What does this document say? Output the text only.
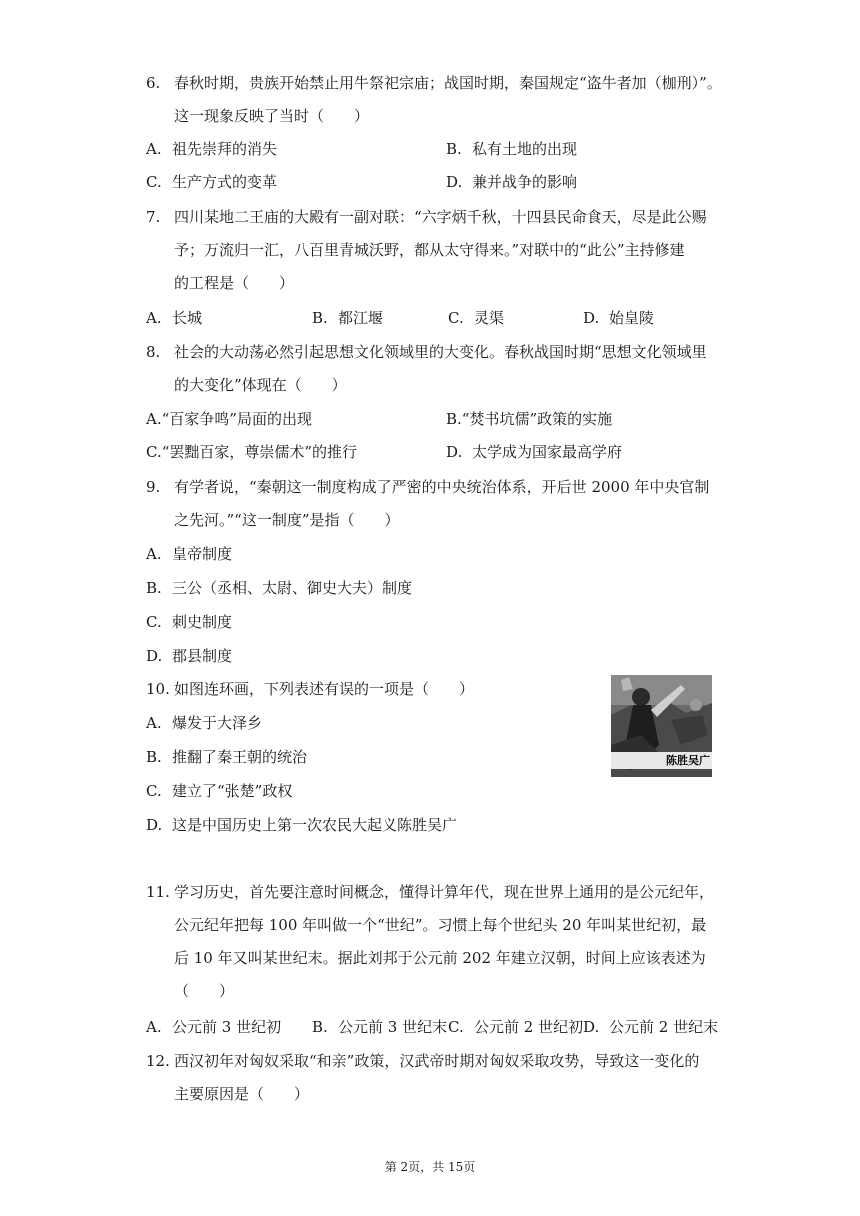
6. 春秋时期，贵族开始禁止用牛祭祀宗庙；战国时期，秦国规定“盗牛者加（枷刑）”。
这一现象反映了当时（　　）
A. 祖先崇拜的消失	B. 私有土地的出现
C. 生产方式的变革	D. 兼并战争的影响
7. 四川某地二王庙的大殿有一副对联：“六字炳千秋，十四县民命食天，尽是此公赐
予；万流归一汇，八百里青城沃野，都从太守得来。”对联中的“此公”主持修建
的工程是（　　）
A. 长城	B. 都江堰	C. 灵渠	D. 始皇陵
8. 社会的大动荡必然引起思想文化领域里的大变化。春秋战国时期“思想文化领域里
的大变化”体现在（　　）
A.“百家争鸣”局面的出现	B.“焚书坑儒”政策的实施
C.“罢黜百家，尊崇儒术”的推行	D. 太学成为国家最高学府
9. 有学者说，“秦朝这一制度构成了严密的中央统治体系，开后世 2000 年中央官制
之先河。”“这一制度”是指（　　）
A. 皇帝制度
B. 三公（丞相、太尉、御史大夫）制度
C. 刺史制度
D. 郡县制度
10. 如图连环画，下列表述有误的一项是（　　）
陈胜吴广
A. 爆发于大泽乡
B. 推翻了秦王朝的统治
C. 建立了“张楚”政权
D. 这是中国历史上第一次农民大起义陈胜吴广
11. 学习历史，首先要注意时间概念，懂得计算年代，现在世界上通用的是公元纪年，
公元纪年把每 100 年叫做一个“世纪”。习惯上每个世纪头 20 年叫某世纪初，最
后 10 年又叫某世纪末。据此刘邦于公元前 202 年建立汉朝，时间上应该表述为
（　　）
A. 公元前 3 世纪初 B. 公元前 3 世纪末 C. 公元前 2 世纪初 D. 公元前 2 世纪末
12. 西汉初年对匈奴采取“和亲”政策，汉武帝时期对匈奴采取攻势，导致这一变化的
主要原因是（　　）
第 2页，共 15页
